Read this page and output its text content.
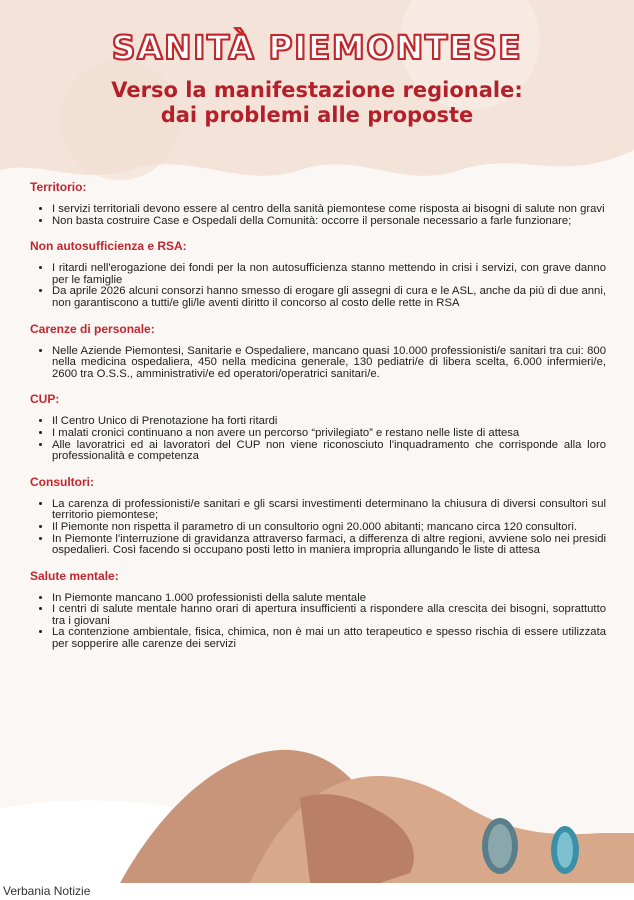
SANITÀ PIEMONTESE
Verso la manifestazione regionale:
dai problemi alle proposte
Territorio:
• I servizi territoriali devono essere al centro della sanità piemontese come risposta ai bisogni di salute non gravi
• Non basta costruire Case e Ospedali della Comunità: occorre il personale necessario a farle funzionare;
Non autosufficienza e RSA:
• I ritardi nell'erogazione dei fondi per la non autosufficienza stanno mettendo in crisi i servizi, con grave danno per le famiglie
• Da aprile 2026 alcuni consorzi hanno smesso di erogare gli assegni di cura e le ASL, anche da più di due anni, non garantiscono a tutti/e gli/le aventi diritto il concorso al costo delle rette in RSA
Carenze di personale:
• Nelle Aziende Piemontesi, Sanitarie e Ospedaliere, mancano quasi 10.000 professionisti/e sanitari tra cui: 800 nella medicina ospedaliera, 450 nella medicina generale, 130 pediatri/e di libera scelta, 6.000 infermieri/e, 2600 tra O.S.S., amministrativi/e ed operatori/operatrici sanitari/e.
CUP:
• Il Centro Unico di Prenotazione ha forti ritardi
• I malati cronici continuano a non avere un percorso “privilegiato” e restano nelle liste di attesa
• Alle lavoratrici ed ai lavoratori del CUP non viene riconosciuto l'inquadramento che corrisponde alla loro professionalità e competenza
Consultori:
• La carenza di professionisti/e sanitari e gli scarsi investimenti determinano la chiusura di diversi consultori sul territorio piemontese;
• Il Piemonte non rispetta il parametro di un consultorio ogni 20.000 abitanti; mancano circa 120 consultori.
• In Piemonte l'interruzione di gravidanza attraverso farmaci, a differenza di altre regioni, avviene solo nei presidi ospedalieri. Così facendo si occupano posti letto in maniera impropria allungando le liste di attesa
Salute mentale:
• In Piemonte mancano 1.000 professionisti della salute mentale
• I centri di salute mentale hanno orari di apertura insufficienti a rispondere alla crescita dei bisogni, soprattutto tra i giovani
• La contenzione ambientale, fisica, chimica, non è mai un atto terapeutico e spesso rischia di essere utilizzata per sopperire alle carenze dei servizi
Verbania Notizie
